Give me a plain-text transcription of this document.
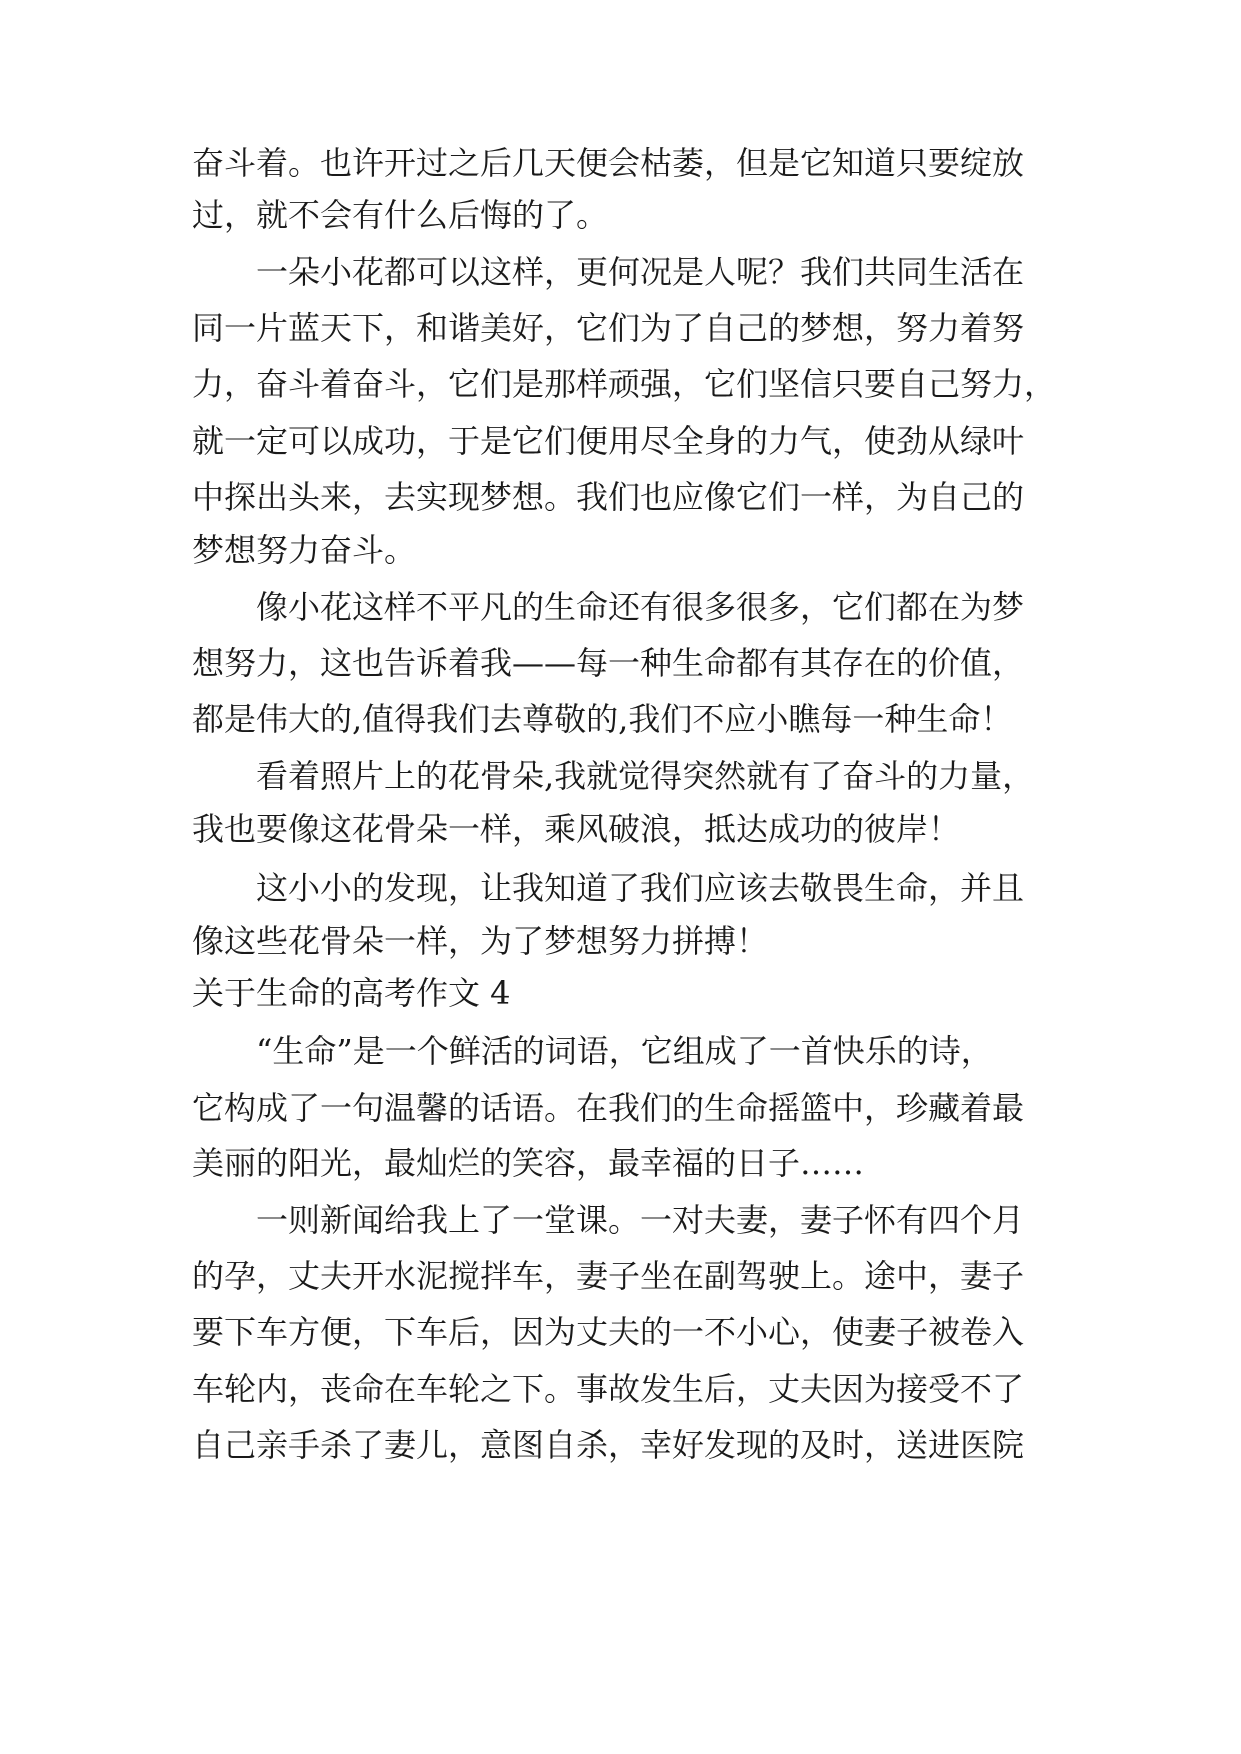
奋斗着。也许开过之后几天便会枯萎，但是它知道只要绽放

过，就不会有什么后悔的了。

　　一朵小花都可以这样，更何况是人呢？我们共同生活在

同一片蓝天下，和谐美好，它们为了自己的梦想，努力着努

力，奋斗着奋斗，它们是那样顽强，它们坚信只要自己努力，

就一定可以成功，于是它们便用尽全身的力气，使劲从绿叶

中探出头来，去实现梦想。我们也应像它们一样，为自己的

梦想努力奋斗。

　　像小花这样不平凡的生命还有很多很多，它们都在为梦

想努力，这也告诉着我——每一种生命都有其存在的价值，

都是伟大的,值得我们去尊敬的,我们不应小瞧每一种生命！

　　看着照片上的花骨朵,我就觉得突然就有了奋斗的力量，

我也要像这花骨朵一样，乘风破浪，抵达成功的彼岸！

　　这小小的发现，让我知道了我们应该去敬畏生命，并且

像这些花骨朵一样，为了梦想努力拼搏！

关于生命的高考作文 4

　　“生命”是一个鲜活的词语，它组成了一首快乐的诗，

它构成了一句温馨的话语。在我们的生命摇篮中，珍藏着最

美丽的阳光，最灿烂的笑容，最幸福的日子……

　　一则新闻给我上了一堂课。一对夫妻，妻子怀有四个月

的孕，丈夫开水泥搅拌车，妻子坐在副驾驶上。途中，妻子

要下车方便，下车后，因为丈夫的一不小心，使妻子被卷入

车轮内，丧命在车轮之下。事故发生后，丈夫因为接受不了

自己亲手杀了妻儿，意图自杀，幸好发现的及时，送进医院
